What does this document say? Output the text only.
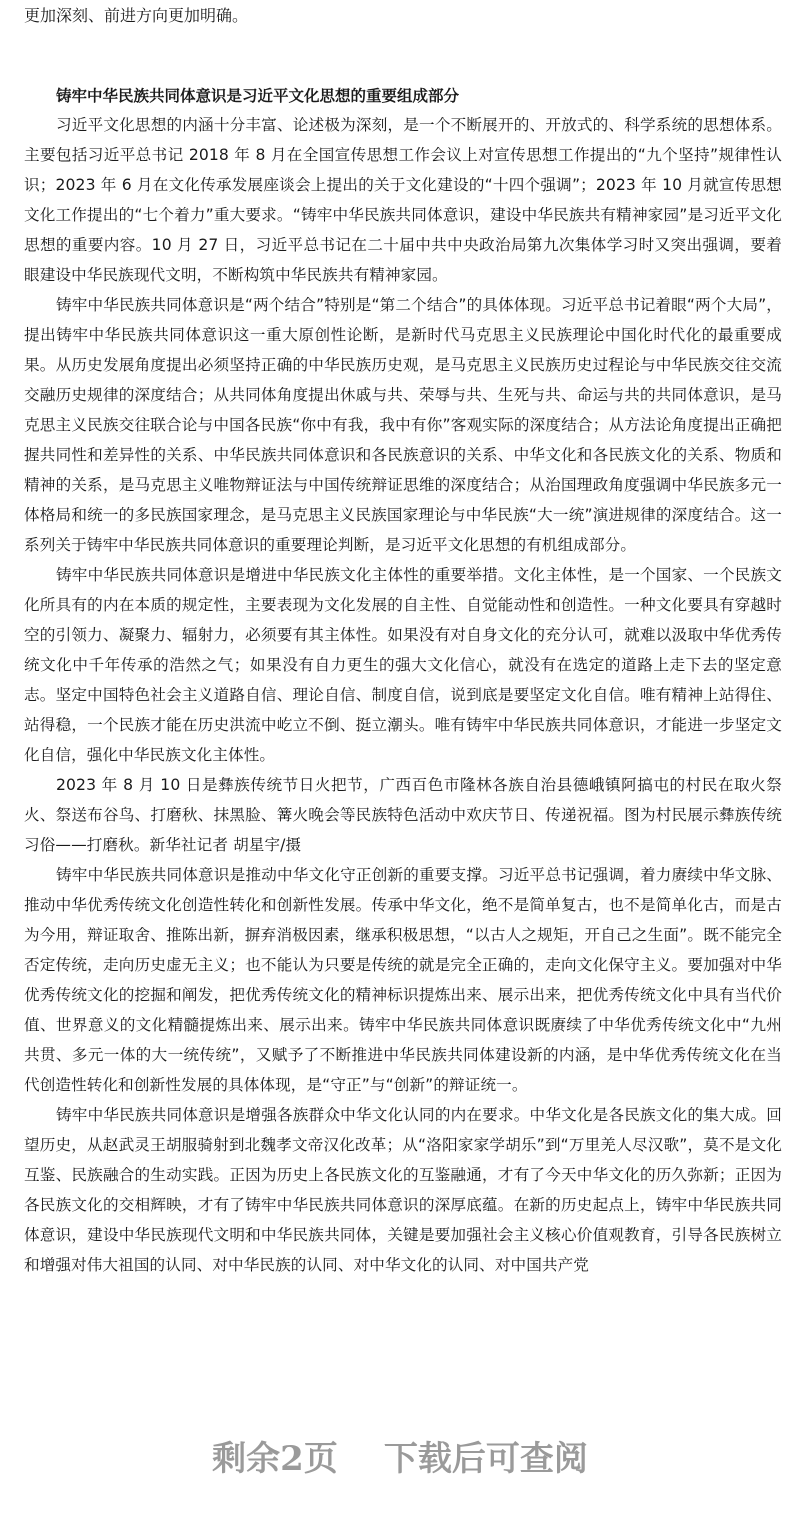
更加深刻、前进方向更加明确。

铸牢中华民族共同体意识是习近平文化思想的重要组成部分

习近平文化思想的内涵十分丰富、论述极为深刻，是一个不断展开的、开放式的、科学系统的思想体系。主要包括习近平总书记 2018 年 8 月在全国宣传思想工作会议上对宣传思想工作提出的“九个坚持”规律性认识；2023 年 6 月在文化传承发展座谈会上提出的关于文化建设的“十四个强调”；2023 年 10 月就宣传思想文化工作提出的“七个着力”重大要求。“铸牢中华民族共同体意识，建设中华民族共有精神家园”是习近平文化思想的重要内容。10 月 27 日，习近平总书记在二十届中共中央政治局第九次集体学习时又突出强调，要着眼建设中华民族现代文明，不断构筑中华民族共有精神家园。

铸牢中华民族共同体意识是“两个结合”特别是“第二个结合”的具体体现。习近平总书记着眼“两个大局”，提出铸牢中华民族共同体意识这一重大原创性论断，是新时代马克思主义民族理论中国化时代化的最重要成果。从历史发展角度提出必须坚持正确的中华民族历史观，是马克思主义民族历史过程论与中华民族交往交流交融历史规律的深度结合；从共同体角度提出休戚与共、荣辱与共、生死与共、命运与共的共同体意识，是马克思主义民族交往联合论与中国各民族“你中有我，我中有你”客观实际的深度结合；从方法论角度提出正确把握共同性和差异性的关系、中华民族共同体意识和各民族意识的关系、中华文化和各民族文化的关系、物质和精神的关系，是马克思主义唯物辩证法与中国传统辩证思维的深度结合；从治国理政角度强调中华民族多元一体格局和统一的多民族国家理念，是马克思主义民族国家理论与中华民族“大一统”演进规律的深度结合。这一系列关于铸牢中华民族共同体意识的重要理论判断，是习近平文化思想的有机组成部分。

铸牢中华民族共同体意识是增进中华民族文化主体性的重要举措。文化主体性，是一个国家、一个民族文化所具有的内在本质的规定性，主要表现为文化发展的自主性、自觉能动性和创造性。一种文化要具有穿越时空的引领力、凝聚力、辐射力，必须要有其主体性。如果没有对自身文化的充分认可，就难以汲取中华优秀传统文化中千年传承的浩然之气；如果没有自力更生的强大文化信心，就没有在选定的道路上走下去的坚定意志。坚定中国特色社会主义道路自信、理论自信、制度自信，说到底是要坚定文化自信。唯有精神上站得住、站得稳，一个民族才能在历史洪流中屹立不倒、挺立潮头。唯有铸牢中华民族共同体意识，才能进一步坚定文化自信，强化中华民族文化主体性。

2023 年 8 月 10 日是彝族传统节日火把节，广西百色市隆林各族自治县德峨镇阿搞屯的村民在取火祭火、祭送布谷鸟、打磨秋、抹黑脸、篝火晚会等民族特色活动中欢庆节日、传递祝福。图为村民展示彝族传统习俗——打磨秋。新华社记者 胡星宇/摄

铸牢中华民族共同体意识是推动中华文化守正创新的重要支撑。习近平总书记强调，着力赓续中华文脉、推动中华优秀传统文化创造性转化和创新性发展。传承中华文化，绝不是简单复古，也不是简单化古，而是古为今用，辩证取舍、推陈出新，摒弃消极因素，继承积极思想，“以古人之规矩，开自己之生面”。既不能完全否定传统，走向历史虚无主义；也不能认为只要是传统的就是完全正确的，走向文化保守主义。要加强对中华优秀传统文化的挖掘和阐发，把优秀传统文化的精神标识提炼出来、展示出来，把优秀传统文化中具有当代价值、世界意义的文化精髓提炼出来、展示出来。铸牢中华民族共同体意识既赓续了中华优秀传统文化中“九州共贯、多元一体的大一统传统”，又赋予了不断推进中华民族共同体建设新的内涵，是中华优秀传统文化在当代创造性转化和创新性发展的具体体现，是“守正”与“创新”的辩证统一。

铸牢中华民族共同体意识是增强各族群众中华文化认同的内在要求。中华文化是各民族文化的集大成。回望历史，从赵武灵王胡服骑射到北魏孝文帝汉化改革；从“洛阳家家学胡乐”到“万里羌人尽汉歌”，莫不是文化互鉴、民族融合的生动实践。正因为历史上各民族文化的互鉴融通，才有了今天中华文化的历久弥新；正因为各民族文化的交相辉映，才有了铸牢中华民族共同体意识的深厚底蕴。在新的历史起点上，铸牢中华民族共同体意识，建设中华民族现代文明和中华民族共同体，关键是要加强社会主义核心价值观教育，引导各民族树立和增强对伟大祖国的认同、对中华民族的认同、对中华文化的认同、对中国共产党

剩余2页 下载后可查阅
